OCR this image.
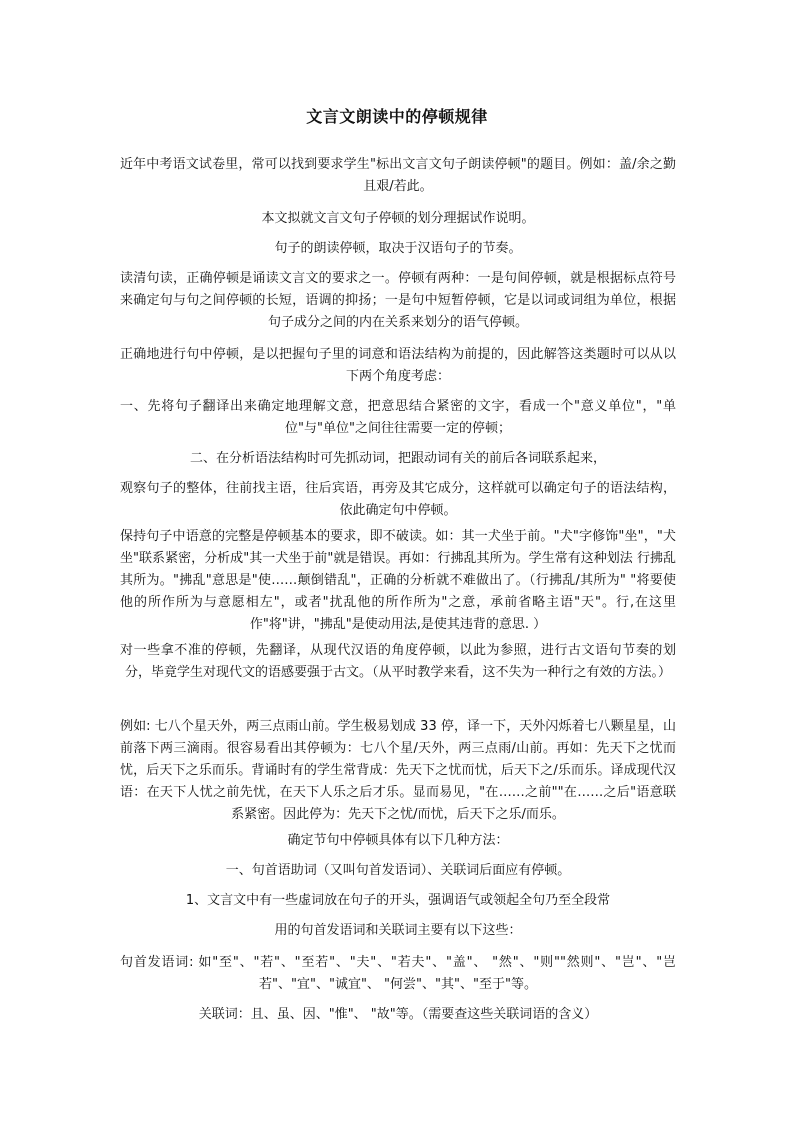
文言文朗读中的停顿规律

近年中考语文试卷里，常可以找到要求学生"标出文言文句子朗读停顿"的题目。例如：盖/余之勤且艰/若此。

本文拟就文言文句子停顿的划分理据试作说明。

句子的朗读停顿，取决于汉语句子的节奏。

读清句读，正确停顿是诵读文言文的要求之一。停顿有两种：一是句间停顿，就是根据标点符号来确定句与句之间停顿的长短，语调的抑扬；一是句中短暂停顿，它是以词或词组为单位，根据句子成分之间的内在关系来划分的语气停顿。

正确地进行句中停顿，是以把握句子里的词意和语法结构为前提的，因此解答这类题时可以从以下两个角度考虑：

一、先将句子翻译出来确定地理解文意，把意思结合紧密的文字，看成一个"意义单位"，"单位"与"单位"之间往往需要一定的停顿；

二、在分析语法结构时可先抓动词，把跟动词有关的前后各词联系起来，

观察句子的整体，往前找主语，往后宾语，再旁及其它成分，这样就可以确定句子的语法结构，依此确定句中停顿。

保持句子中语意的完整是停顿基本的要求，即不破读。如：其一犬坐于前。"犬"字修饰"坐"，"犬坐"联系紧密，分析成"其一犬坐于前"就是错误。再如：行拂乱其所为。学生常有这种划法 行拂乱其所为。"拂乱"意思是"使……颠倒错乱"，正确的分析就不难做出了。（行拂乱/其所为" "将要使他的所作所为与意愿相左"，或者"扰乱他的所作所为"之意，承前省略主语"天"。行,在这里作"将"讲，"拂乱"是使动用法,是使其违背的意思. ）

对一些拿不准的停顿，先翻译，从现代汉语的角度停顿，以此为参照，进行古文语句节奏的划分，毕竟学生对现代文的语感要强于古文。（从平时教学来看，这不失为一种行之有效的方法。）

例如: 七八个星天外，两三点雨山前。学生极易划成 33 停，译一下，天外闪烁着七八颗星星，山前落下两三滴雨。很容易看出其停顿为：七八个星/天外，两三点雨/山前。再如：先天下之忧而忧，后天下之乐而乐。背诵时有的学生常背成：先天下之忧而忧，后天下之/乐而乐。译成现代汉语：在天下人忧之前先忧，在天下人乐之后才乐。显而易见，"在……之前""在……之后"语意联系紧密。因此停为：先天下之忧/而忧，后天下之乐/而乐。

确定节句中停顿具体有以下几种方法：

一、句首语助词（又叫句首发语词）、关联词后面应有停顿。

1、文言文中有一些虚词放在句子的开头，强调语气或领起全句乃至全段常

用的句首发语词和关联词主要有以下这些：

句首发语词: 如"至"、"若"、"至若"、"夫"、"若夫"、"盖"、 "然"、"则""然则"、"岂"、"岂若"、"宜"、"诚宜"、 "何尝"、"其"、"至于"等。

关联词：且、虽、因、"惟"、 "故"等。（需要查这些关联词语的含义）
